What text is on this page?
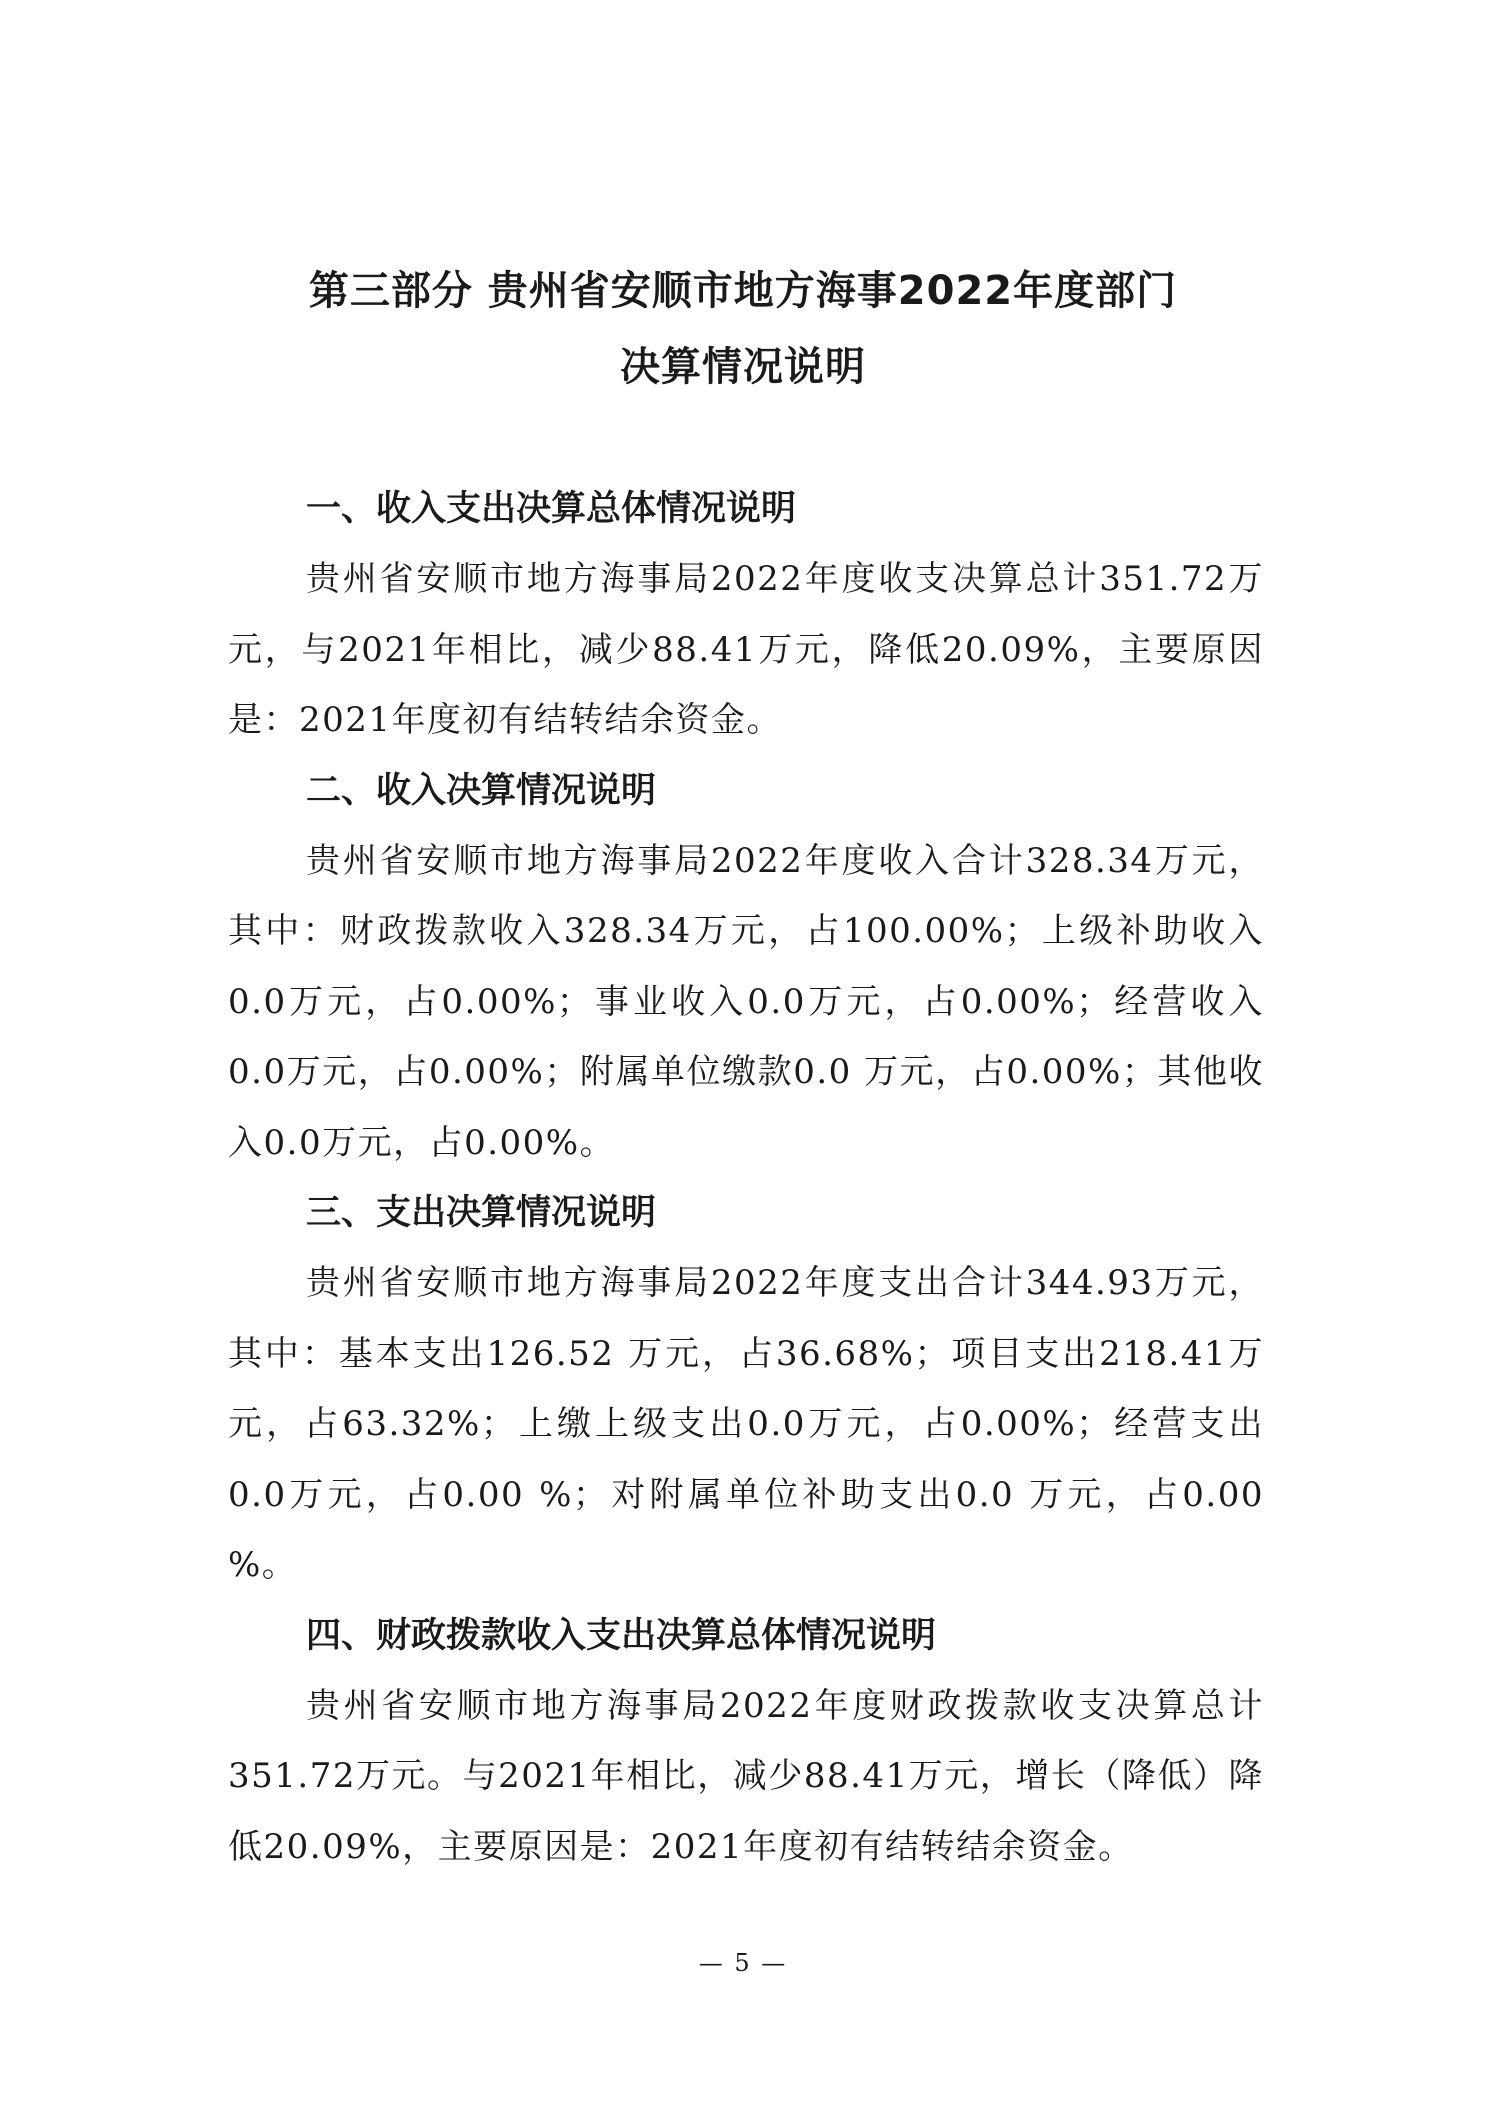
第三部分 贵州省安顺市地方海事2022年度部门
决算情况说明
一、收入支出决算总体情况说明

贵州省安顺市地方海事局2022年度收支决算总计351.72万元，与2021年相比，减少88.41万元，降低20.09%，主要原因是：2021年度初有结转结余资金。

二、收入决算情况说明

贵州省安顺市地方海事局2022年度收入合计328.34万元，其中：财政拨款收入328.34万元，占100.00%；上级补助收入0.0万元，占0.00%；事业收入0.0万元，占0.00%；经营收入0.0万元，占0.00%；附属单位缴款0.0 万元，占0.00%；其他收入0.0万元，占0.00%。

三、支出决算情况说明

贵州省安顺市地方海事局2022年度支出合计344.93万元，其中：基本支出126.52 万元，占36.68%；项目支出218.41万元，占63.32%；上缴上级支出0.0万元，占0.00%；经营支出0.0万元，占0.00 %；对附属单位补助支出0.0 万元，占0.00 %。

四、财政拨款收入支出决算总体情况说明

贵州省安顺市地方海事局2022年度财政拨款收支决算总计351.72万元。与2021年相比，减少88.41万元，增长（降低）降低20.09%，主要原因是：2021年度初有结转结余资金。

— 5 —
